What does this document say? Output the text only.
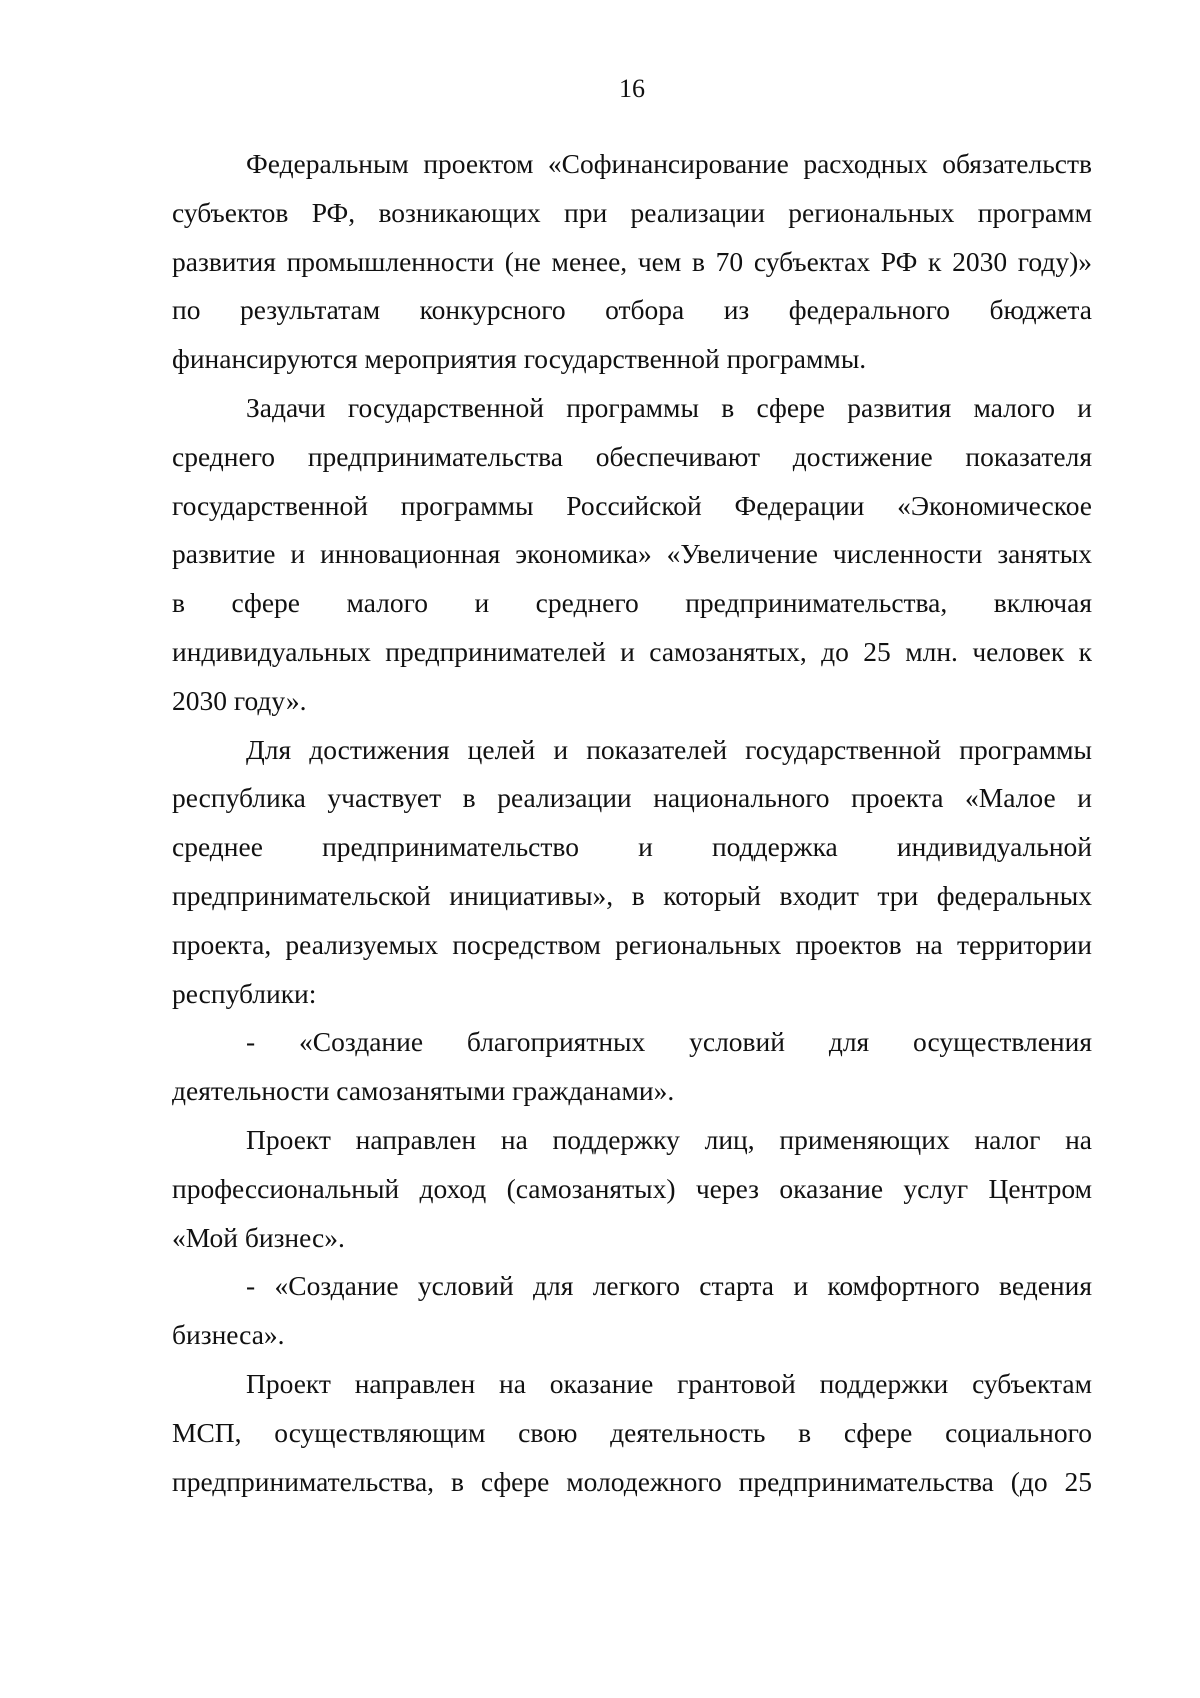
16
Федеральным проектом «Софинансирование расходных обязательств
субъектов РФ, возникающих при реализации региональных программ
развития промышленности (не менее, чем в 70 субъектах РФ к 2030 году)»
по результатам конкурсного отбора из федерального бюджета
финансируются мероприятия государственной программы.
Задачи государственной программы в сфере развития малого и
среднего предпринимательства обеспечивают достижение показателя
государственной программы Российской Федерации «Экономическое
развитие и инновационная экономика» «Увеличение численности занятых
в сфере малого и среднего предпринимательства, включая
индивидуальных предпринимателей и самозанятых, до 25 млн. человек к
2030 году».
Для достижения целей и показателей государственной программы
республика участвует в реализации национального проекта «Малое и
среднее предпринимательство и поддержка индивидуальной
предпринимательской инициативы», в который входит три федеральных
проекта, реализуемых посредством региональных проектов на территории
республики:
- «Создание благоприятных условий для осуществления
деятельности самозанятыми гражданами».
Проект направлен на поддержку лиц, применяющих налог на
профессиональный доход (самозанятых) через оказание услуг Центром
«Мой бизнес».
- «Создание условий для легкого старта и комфортного ведения
бизнеса».
Проект направлен на оказание грантовой поддержки субъектам
МСП, осуществляющим свою деятельность в сфере социального
предпринимательства, в сфере молодежного предпринимательства (до 25
